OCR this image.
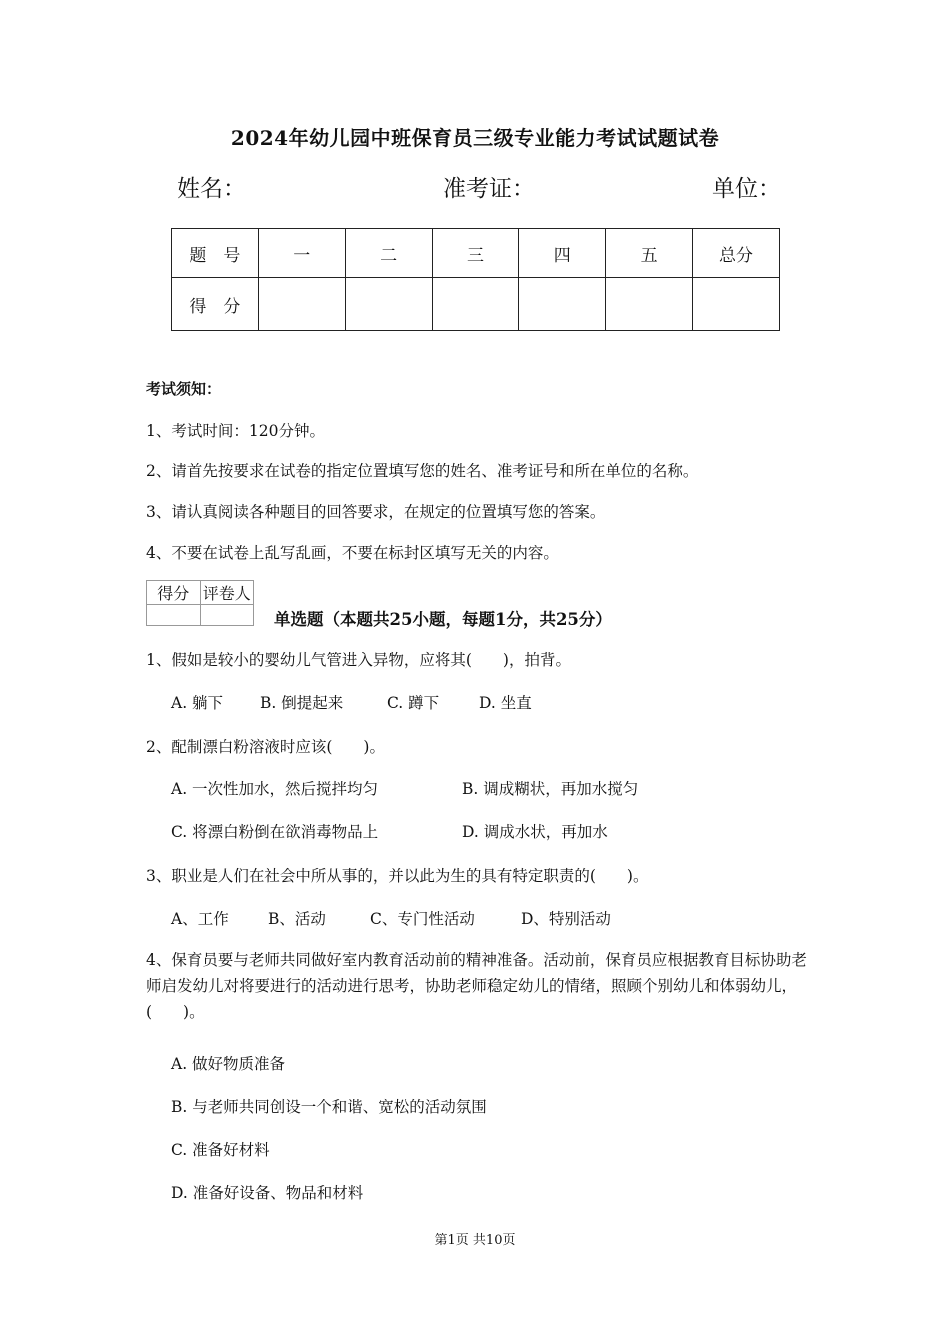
2024年幼儿园中班保育员三级专业能力考试试题试卷
姓名：	准考证：	单位：
题　号	一	二	三	四	五	总分
得　分						
考试须知：
1、考试时间：120分钟。
2、请首先按要求在试卷的指定位置填写您的姓名、准考证号和所在单位的名称。
3、请认真阅读各种题目的回答要求，在规定的位置填写您的答案。
4、不要在试卷上乱写乱画，不要在标封区填写无关的内容。
得分	评卷人

单选题（本题共25小题，每题1分，共25分）
1、假如是较小的婴幼儿气管进入异物，应将其(　　)，拍背。
A. 躺下 B. 倒提起来	C. 蹲下	D. 坐直
2、配制漂白粉溶液时应该(　　)。
A. 一次性加水，然后搅拌均匀	B. 调成糊状，再加水搅匀
C. 将漂白粉倒在欲消毒物品上	D. 调成水状，再加水
3、职业是人们在社会中所从事的，并以此为生的具有特定职责的(　　)。
A、工作	B、活动	C、专门性活动	D、特别活动
4、保育员要与老师共同做好室内教育活动前的精神准备。活动前，保育员应根据教育目标协助老师启发幼儿对将要进行的活动进行思考，协助老师稳定幼儿的情绪，照顾个别幼儿和体弱幼儿，(　　)。
A. 做好物质准备
B. 与老师共同创设一个和谐、宽松的活动氛围
C. 准备好材料
D. 准备好设备、物品和材料
第1页 共10页
